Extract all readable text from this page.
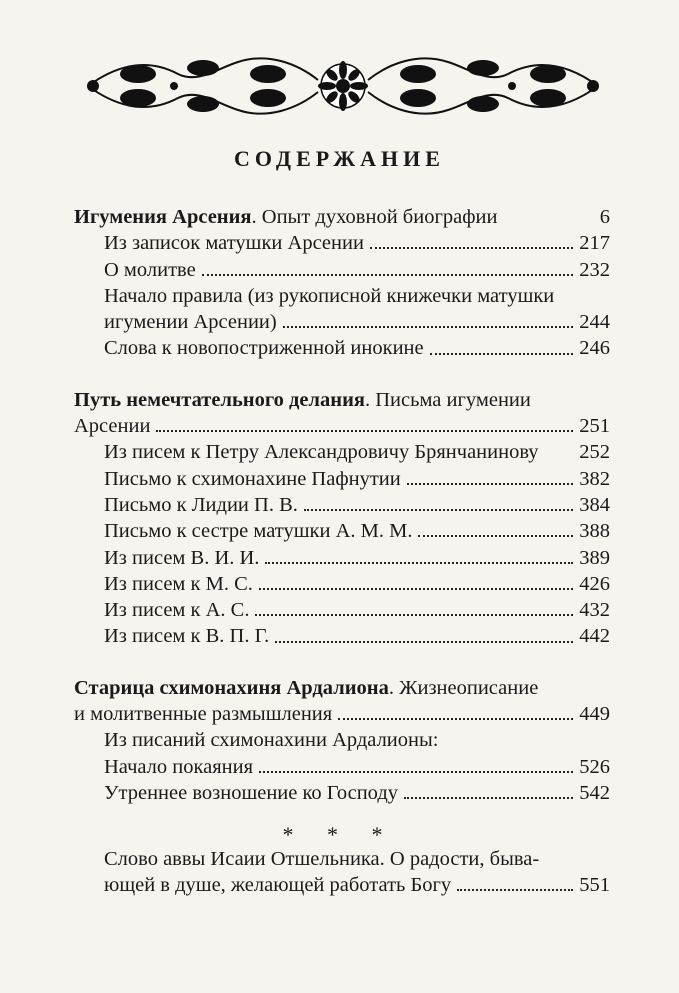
СОДЕРЖАНИЕ
Игумения Арсения. Опыт духовной биографии	6
Из записок матушки Арсении	217
О молитве	232
Начало правила (из рукописной книжечки матушки
игумении Арсении)	244
Слова к новопостриженной инокине	246
Путь немечтательного делания. Письма игумении
Арсении	251
Из писем к Петру Александровичу Брянчанинову 252
Письмо к схимонахине Пафнутии	382
Письмо к Лидии П. В.	384
Письмо к сестре матушки А. М. М.	388
Из писем В. И. И.	389
Из писем к М. С.	426
Из писем к А. С.	432
Из писем к В. П. Г.	442
Старица схимонахиня Ардалиона. Жизнеописание
и молитвенные размышления	449
Из писаний схимонахини Ардалионы:
Начало покаяния	526
Утреннее возношение ко Господу	542
* * *
Слово аввы Исаии Отшельника. О радости, быва-
ющей в душе, желающей работать Богу	551
